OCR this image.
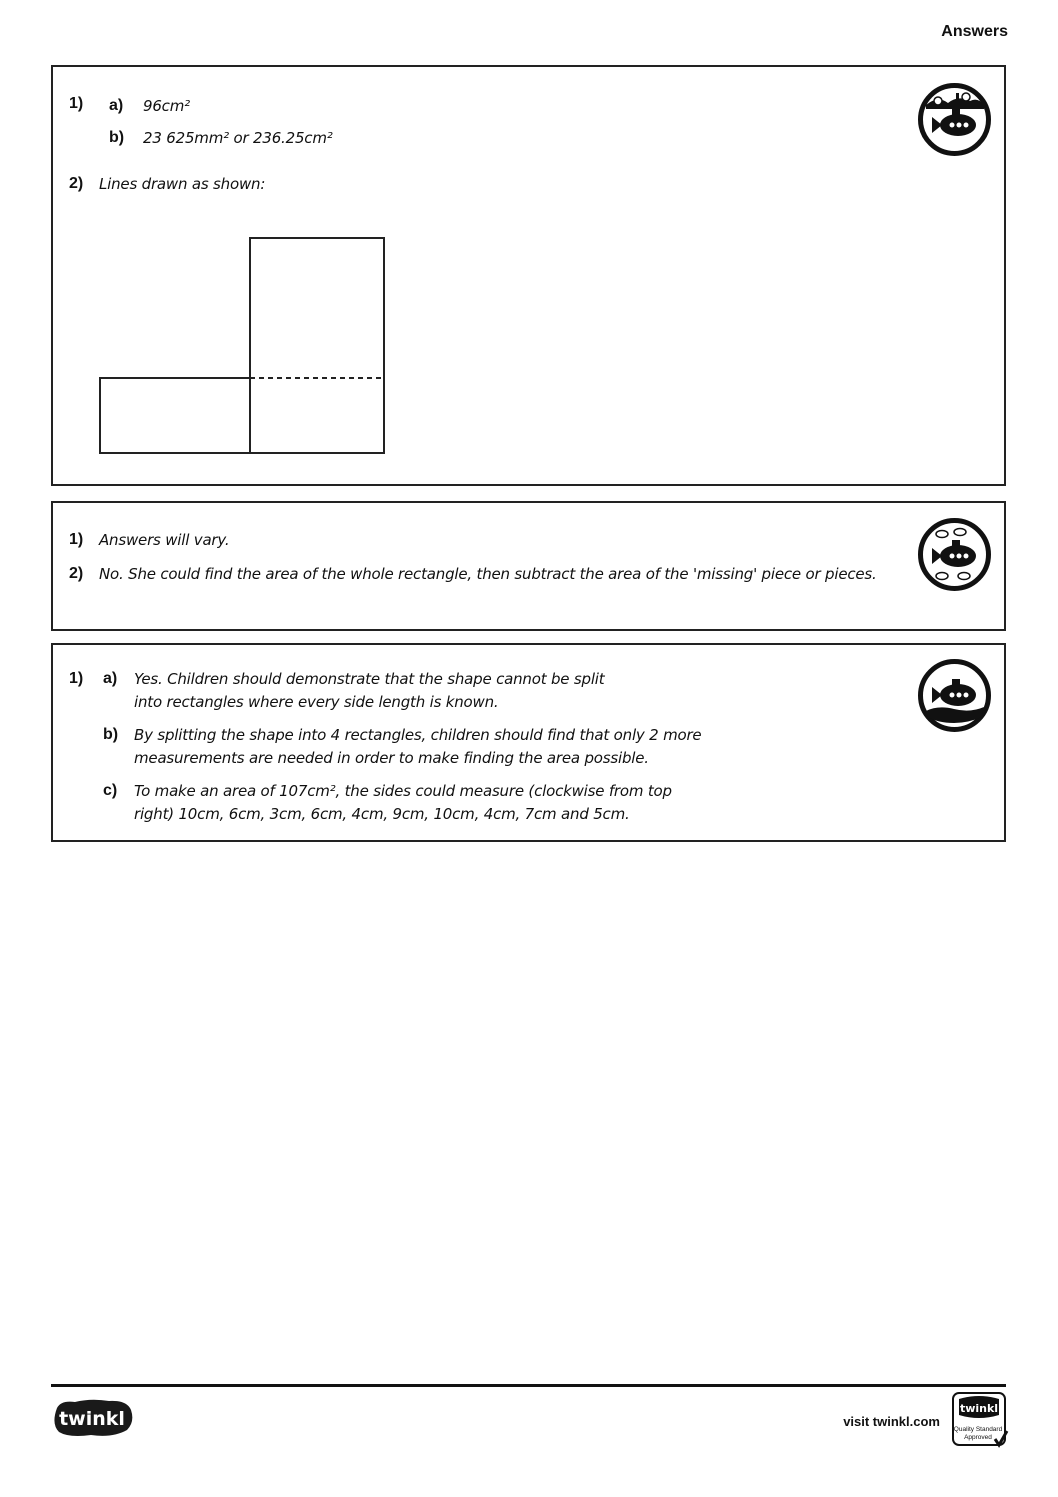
Answers
1) a) 96cm²
b) 23 625mm² or 236.25cm²
2) Lines drawn as shown:
1) Answers will vary.
2) No. She could find the area of the whole rectangle, then subtract the area of the 'missing' piece or pieces.
1) a) Yes. Children should demonstrate that the shape cannot be split
into rectangles where every side length is known.
b) By splitting the shape into 4 rectangles, children should find that only 2 more
measurements are needed in order to make finding the area possible.
c) To make an area of 107cm², the sides could measure (clockwise from top
right) 10cm, 6cm, 3cm, 6cm, 4cm, 9cm, 10cm, 4cm, 7cm and 5cm.
twinkl	visit twinkl.com
twinkl
Quality Standard
Approved
